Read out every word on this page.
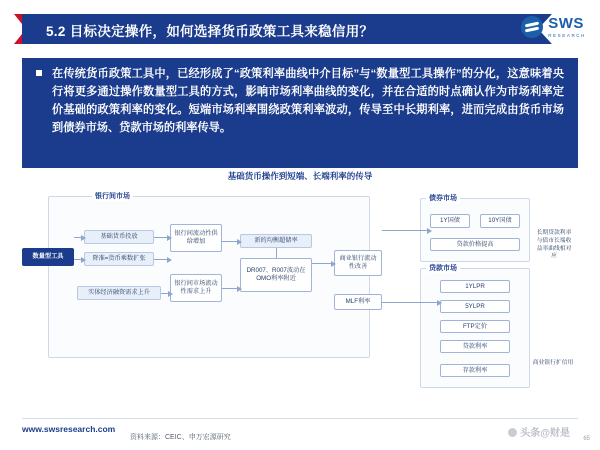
5.2 目标决定操作，如何选择货币政策工具来稳信用？	SWS
RESEARCH
在传统货币政策工具中，已经形成了“政策利率曲线中介目标”与“数量型工具操作”的分化，这意味着央行将更多通过操作数量型工具的方式，影响市场利率曲线的变化，并在合适的时点确认作为市场利率定价基础的政策利率的变化。短端市场利率围绕政策利率波动，传导至中长期利率，进而完成由货币市场到债券市场、贷款市场的利率传导。
基础货币操作到短端、长端利率的传导
银行间市场	债券市场
贷款市场
数量型工具
基础货币投放
降准=货币乘数扩张
实体经济融资需求上升
银行间流动性供给增加
银行间市场流动性需求上升
新的均衡超储率
DR007、R007波动在OMO利率附近
商业银行流动性改善
MLF利率
1Y国债	10Y国债
贷款价格提高
1YLPR
5YLPR
FTP定价
贷款利率
存款利率
长期贷款利率与债市长端收益率曲线相对应
商业银行扩信用
www.swsresearch.com
资料来源：CEIC、申万宏源研究	头条@财是 65
